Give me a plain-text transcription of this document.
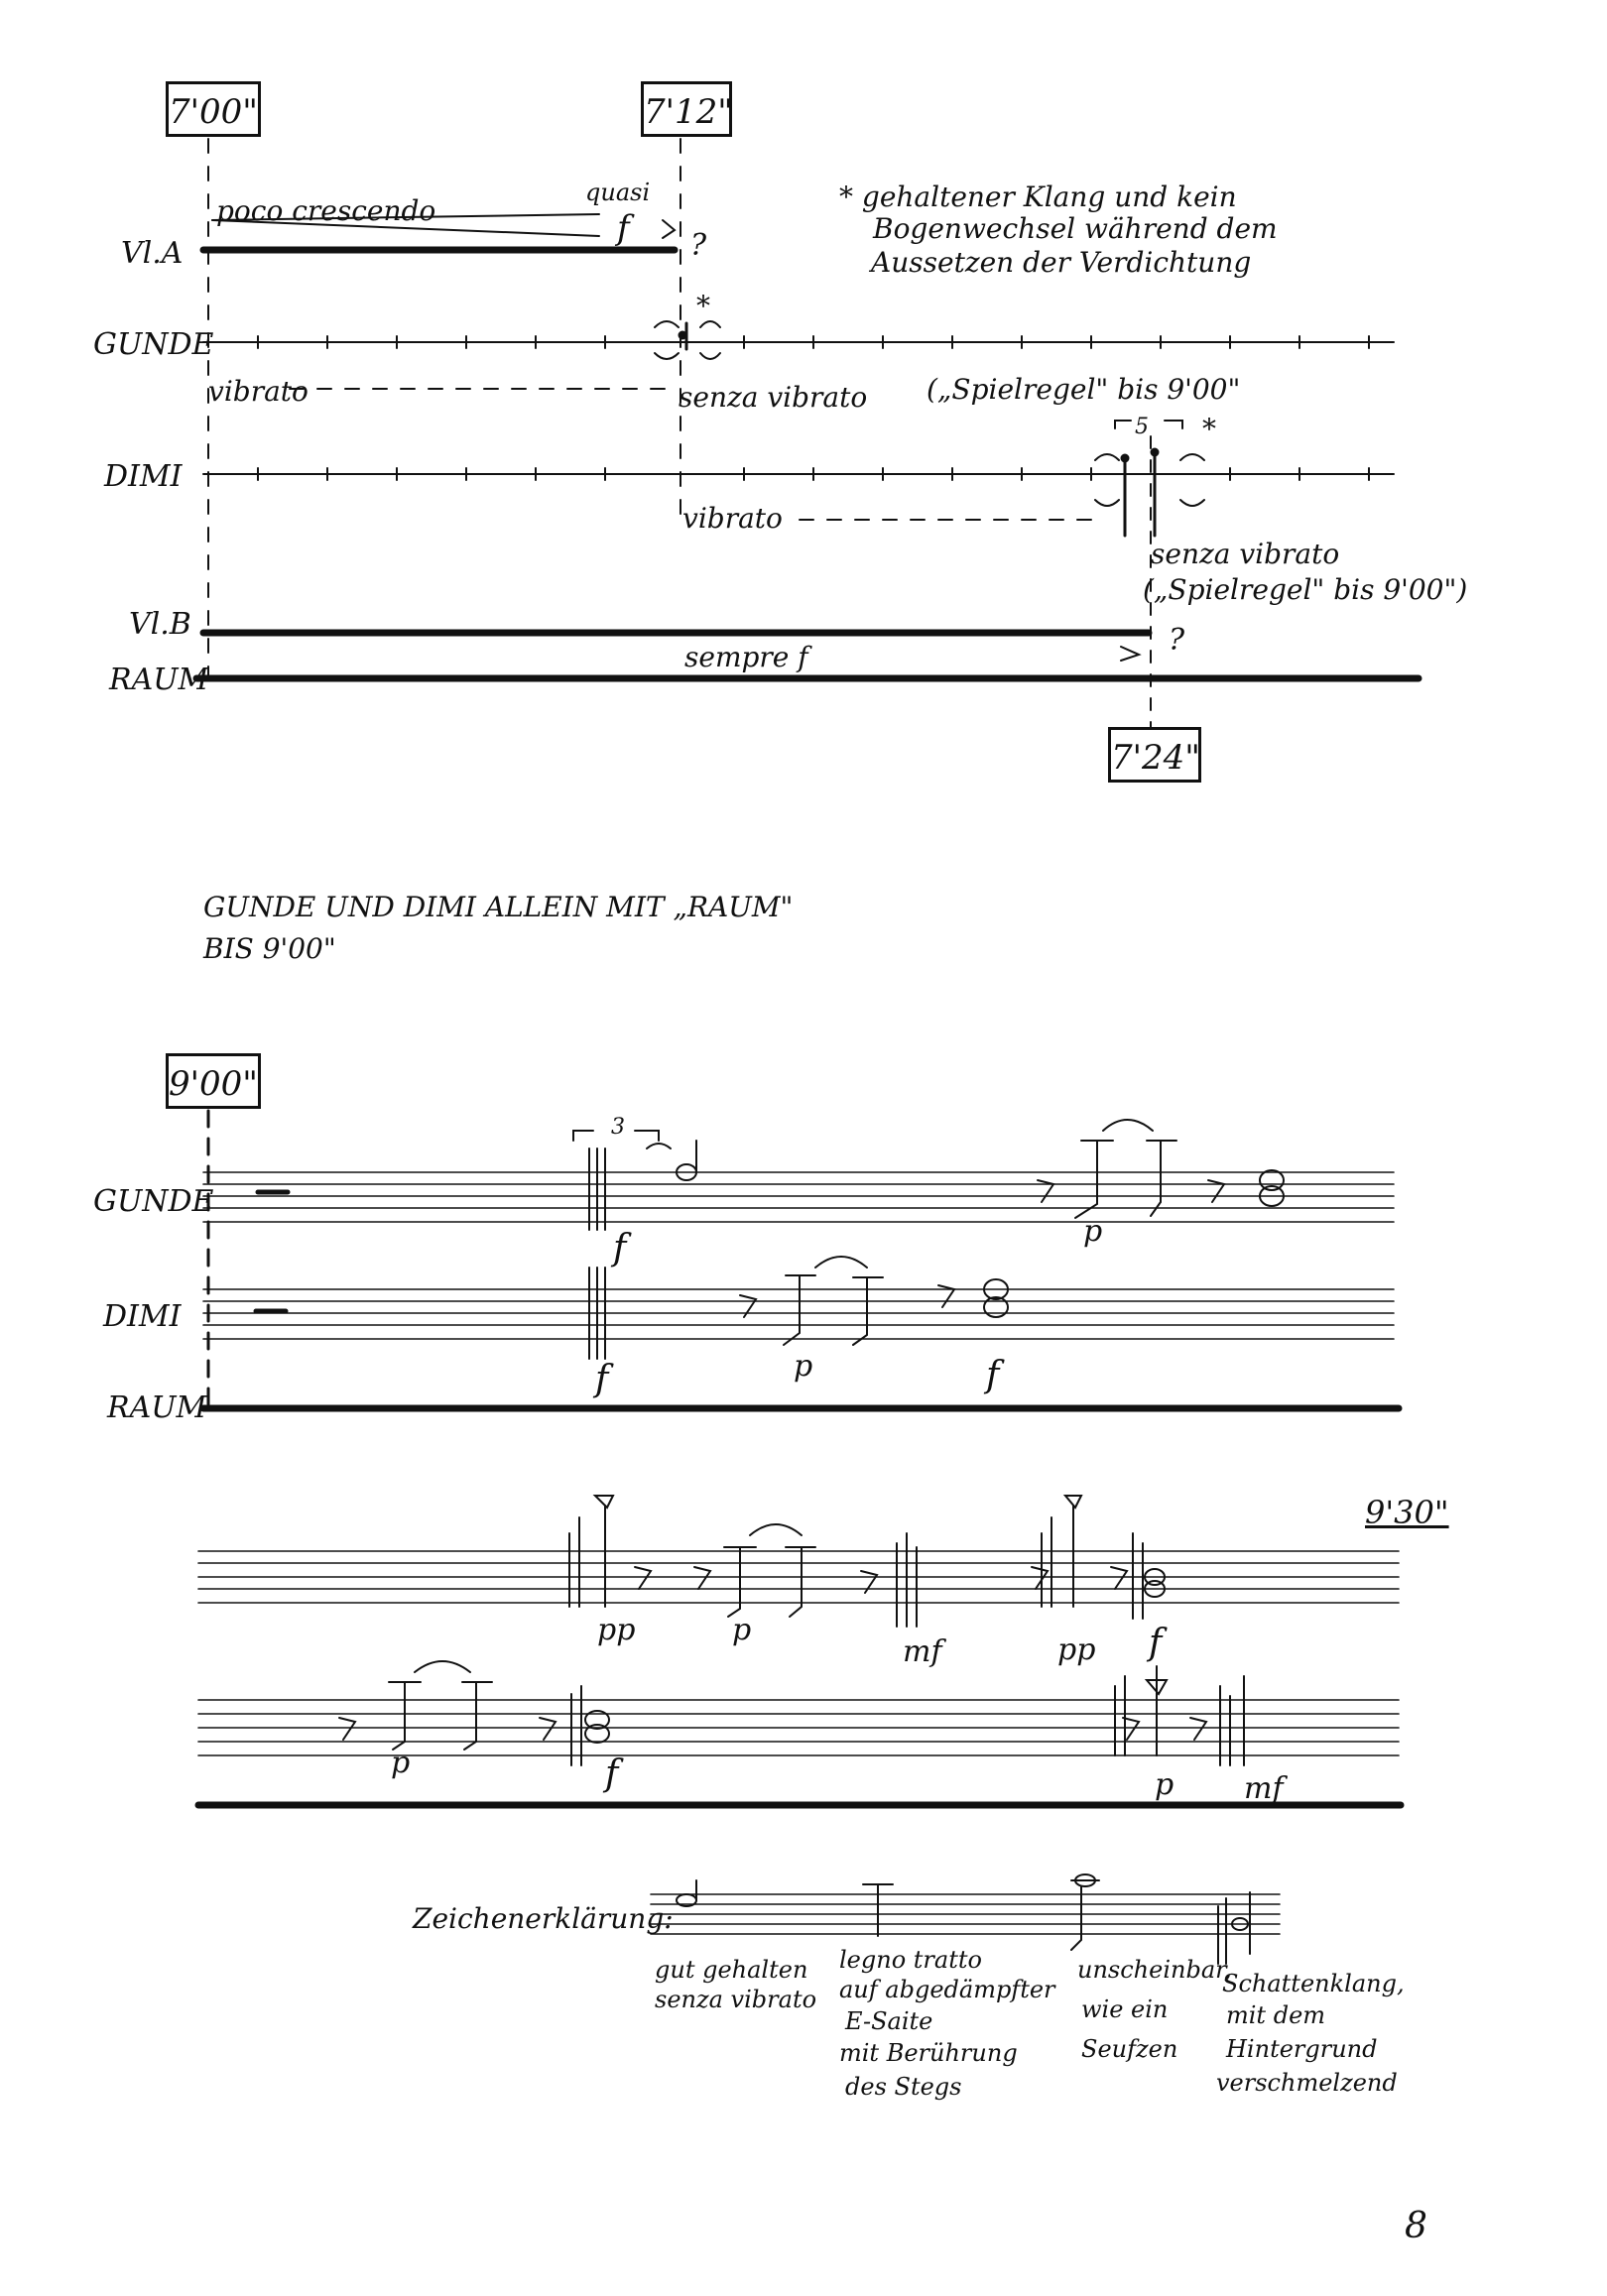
7'00"	7'12"
7'24"
Vl.A
GUNDE
DIMI
Vl.B
RAUM
poco crescendo
quasi
f ?
* gehaltener Klang und kein
Bogenwechsel während dem
Aussetzen der Verdichtung
*
vibrato	senza vibrato („Spielregel" bis 9'00"
5 *
vibrato
senza vibrato
(„Spielregel" bis 9'00")
sempre f	?
GUNDE UND DIMI ALLEIN MIT „RAUM"
BIS 9'00"
9'00"
9'30"
GUNDE
DIMI
RAUM
3
f	p
f	p	f
pp	p
mf	pp f
p	f	p mf
Zeichenerklärung:
gut gehalten
senza vibrato
legno tratto
auf abgedämpfter
E-Saite
mit Berührung
des Stegs
unscheinbar,
wie ein
Seufzen
Schattenklang,
mit dem
Hintergrund
verschmelzend
8
